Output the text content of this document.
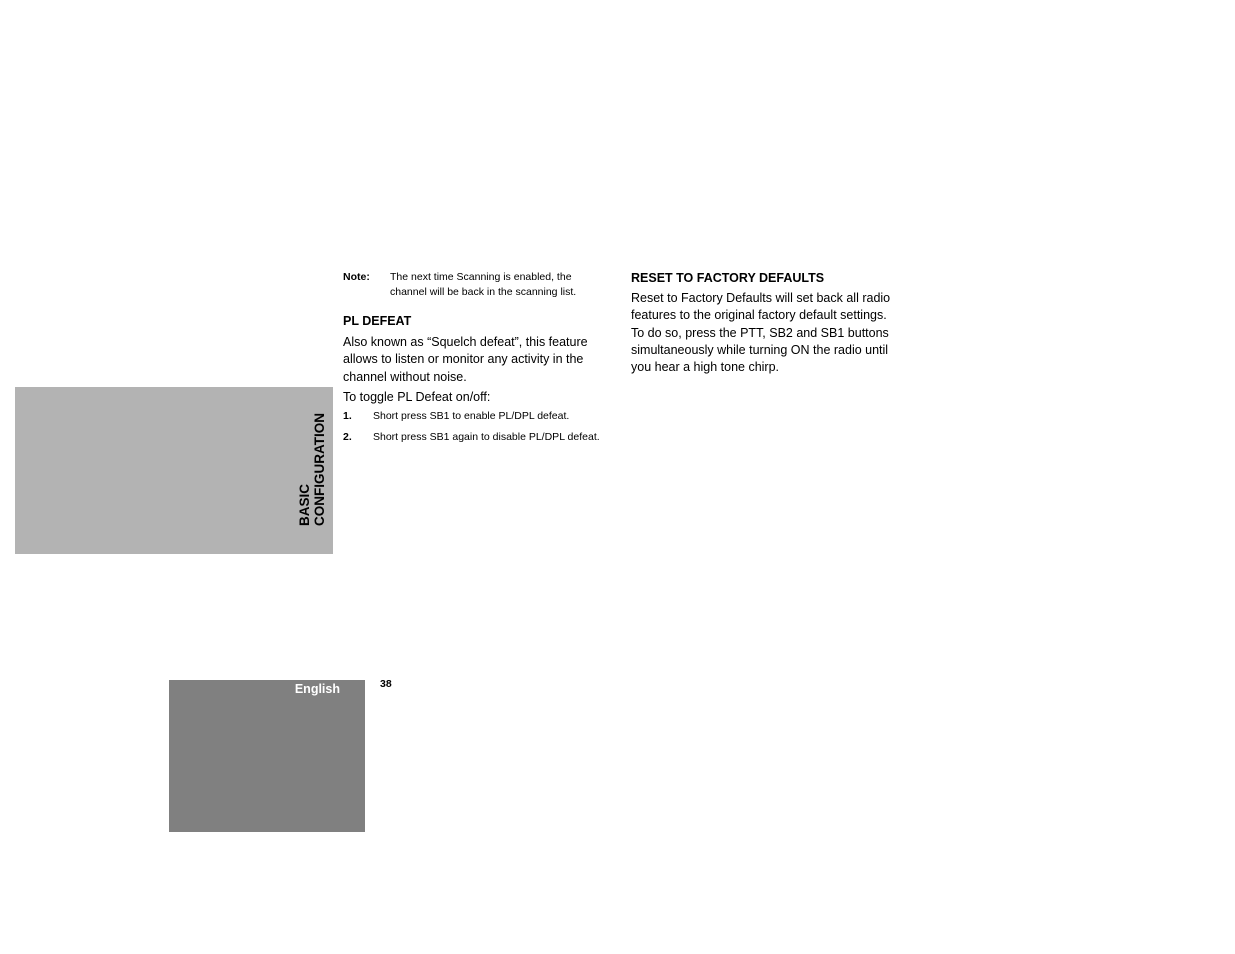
BASIC CONFIGURATION
Note:	The next time Scanning is enabled, the channel will be back in the scanning list.
PL DEFEAT

Also known as “Squelch defeat”, this feature allows to listen or monitor any activity in the channel without noise.

To toggle PL Defeat on/off:

1.	Short press SB1 to enable PL/DPL defeat.
2.	Short press SB1 again to disable PL/DPL defeat.
RESET TO FACTORY DEFAULTS

Reset to Factory Defaults will set back all radio features to the original factory default settings. To do so, press the PTT, SB2 and SB1 buttons simultaneously while turning ON the radio until you hear a high tone chirp.

English	38
